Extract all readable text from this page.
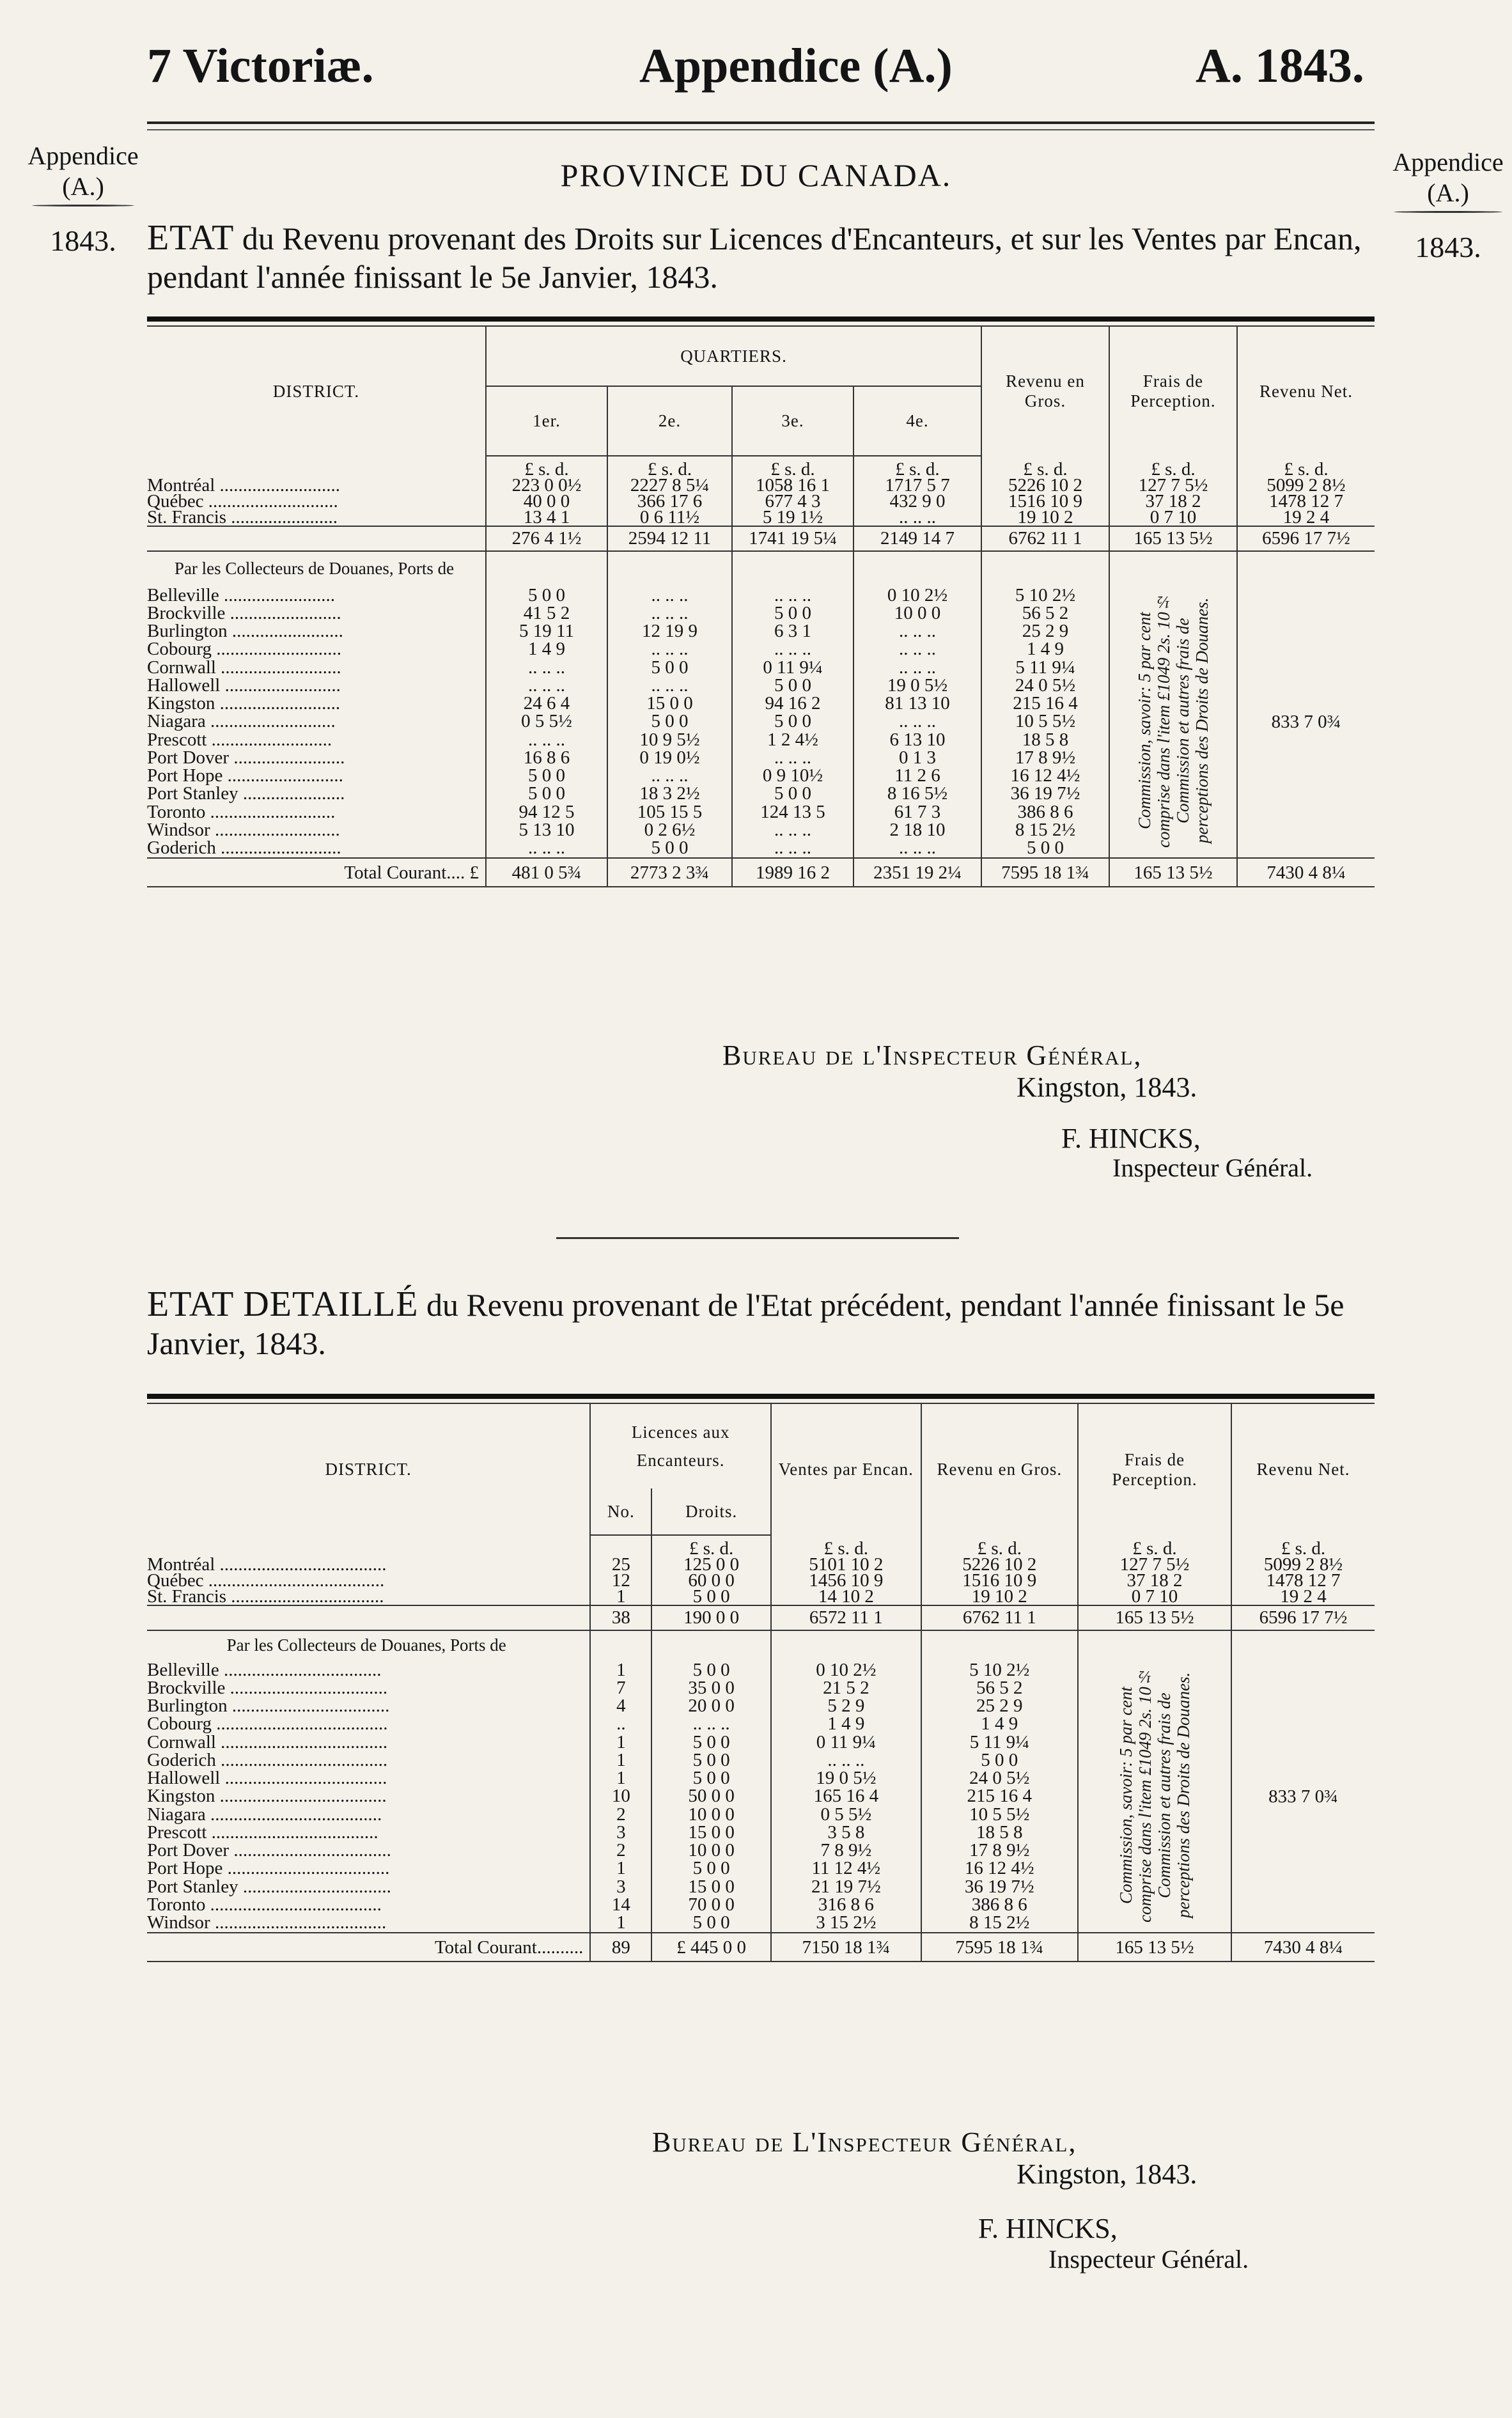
7 Victoriæ.	Appendice (A.)	A. 1843.
Appendice
(A.)
1843.
Appendice
(A.)
1843.
PROVINCE DU CANADA.
ETAT du Revenu provenant des Droits sur Licences d'Encanteurs, et sur les Ventes par Encan, pendant l'année finissant le 5e Janvier, 1843.
DISTRICT.	QUARTIERS.				Revenu en Gros.	Frais de Perception.	Revenu Net.
	1er.	2e.	3e.	4e.			
	£ s. d.	£ s. d.	£ s. d.	£ s. d.	£ s. d.	£ s. d.	£ s. d.
Montréal ..........................	223 0 0½	2227 8 5¼	1058 16 1	1717 5 7	5226 10 2	127 7 5½	5099 2 8½
Québec ............................	40 0 0	366 17 6	677 4 3	432 9 0	1516 10 9	37 18 2	1478 12 7
St. Francis .......................	13 4 1	0 6 11½	5 19 1½	.. .. ..	19 10 2	0 7 10	19 2 4
	276 4 1½	2594 12 11	1741 19 5¼	2149 14 7	6762 11 1	165 13 5½	6596 17 7½
Par les Collecteurs de Douanes, Ports de							
Belleville ........................	5 0 0	.. .. ..	.. .. ..	0 10 2½	5 10 2½	Commission, savoir: 5 par cent comprise dans l'item £1049 2s. 10½ Commission et autres frais de perceptions des Droits de Douanes.	833 7 0¾
Brockville ........................	41 5 2	.. .. ..	5 0 0	10 0 0	56 5 2		
Burlington ........................	5 19 11	12 19 9	6 3 1	.. .. ..	25 2 9		
Cobourg ...........................	1 4 9	.. .. ..	.. .. ..	.. .. ..	1 4 9		
Cornwall ..........................	.. .. ..	5 0 0	0 11 9¼	.. .. ..	5 11 9¼		
Hallowell .........................	.. .. ..	.. .. ..	5 0 0	19 0 5½	24 0 5½		
Kingston ..........................	24 6 4	15 0 0	94 16 2	81 13 10	215 16 4		
Niagara ...........................	0 5 5½	5 0 0	5 0 0	.. .. ..	10 5 5½		
Prescott ..........................	.. .. ..	10 9 5½	1 2 4½	6 13 10	18 5 8		
Port Dover ........................	16 8 6	0 19 0½	.. .. ..	0 1 3	17 8 9½		
Port Hope .........................	5 0 0	.. .. ..	0 9 10½	11 2 6	16 12 4½		
Port Stanley ......................	5 0 0	18 3 2½	5 0 0	8 16 5½	36 19 7½		
Toronto ...........................	94 12 5	105 15 5	124 13 5	61 7 3	386 8 6		
Windsor ...........................	5 13 10	0 2 6½	.. .. ..	2 18 10	8 15 2½		
Goderich ..........................	.. .. ..	5 0 0	.. .. ..	.. .. ..	5 0 0		
Total Courant.... £	481 0 5¾	2773 2 3¾	1989 16 2	2351 19 2¼	7595 18 1¾	165 13 5½	7430 4 8¼
Bureau de l'Inspecteur Général,
Kingston, 1843.
F. HINCKS,
Inspecteur Général.
ETAT DETAILLÉ du Revenu provenant de l'Etat précédent, pendant l'année finissant le 5e Janvier, 1843.
DISTRICT.	Licences aux Encanteurs.		Ventes par Encan.	Revenu en Gros.	Frais de Perception.	Revenu Net.
	No.	Droits.				
		£ s. d.	£ s. d.	£ s. d.	£ s. d.	£ s. d.
Montréal ....................................	25	125 0 0	5101 10 2	5226 10 2	127 7 5½	5099 2 8½
Québec ......................................	12	60 0 0	1456 10 9	1516 10 9	37 18 2	1478 12 7
St. Francis .................................	1	5 0 0	14 10 2	19 10 2	0 7 10	19 2 4
	38	190 0 0	6572 11 1	6762 11 1	165 13 5½	6596 17 7½
Par les Collecteurs de Douanes, Ports de						
Belleville ..................................	1	5 0 0	0 10 2½	5 10 2½	Commission, savoir: 5 par cent comprise dans l'item £1049 2s. 10½ Commission et autres frais de perceptions des Droits de Douanes.	833 7 0¾
Brockville ..................................	7	35 0 0	21 5 2	56 5 2		
Burlington ..................................	4	20 0 0	5 2 9	25 2 9		
Cobourg .....................................	..	.. .. ..	1 4 9	1 4 9		
Cornwall ....................................	1	5 0 0	0 11 9¼	5 11 9¼		
Goderich ....................................	1	5 0 0	.. .. ..	5 0 0		
Hallowell ...................................	1	5 0 0	19 0 5½	24 0 5½		
Kingston ....................................	10	50 0 0	165 16 4	215 16 4		
Niagara .....................................	2	10 0 0	0 5 5½	10 5 5½		
Prescott ....................................	3	15 0 0	3 5 8	18 5 8		
Port Dover ..................................	2	10 0 0	7 8 9½	17 8 9½		
Port Hope ...................................	1	5 0 0	11 12 4½	16 12 4½		
Port Stanley ................................	3	15 0 0	21 19 7½	36 19 7½		
Toronto .....................................	14	70 0 0	316 8 6	386 8 6		
Windsor .....................................	1	5 0 0	3 15 2½	8 15 2½		
Total Courant..........	89	£ 445 0 0	7150 18 1¾	7595 18 1¾	165 13 5½	7430 4 8¼
Bureau de L'Inspecteur Général,
Kingston, 1843.
F. HINCKS,
Inspecteur Général.
